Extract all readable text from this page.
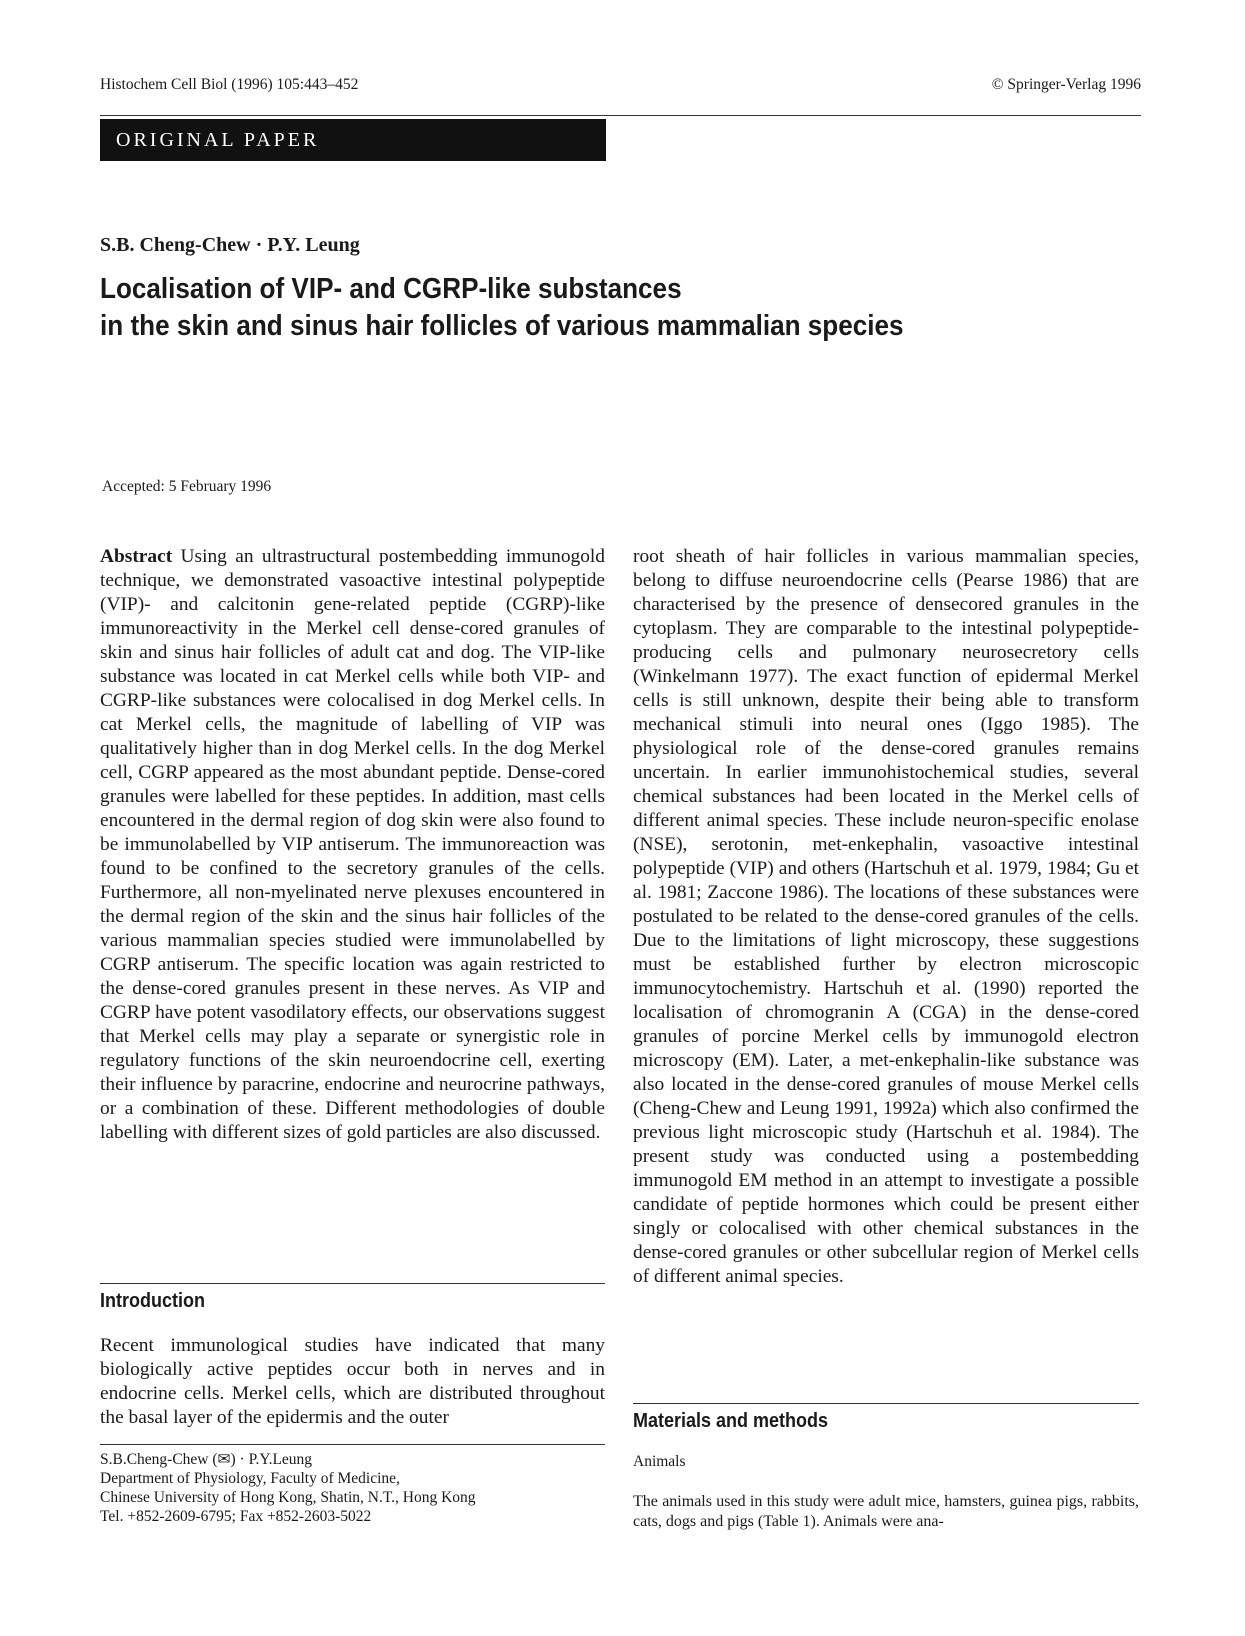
Histochem Cell Biol (1996) 105:443–452	© Springer-Verlag 1996
ORIGINAL PAPER
S.B. Cheng-Chew · P.Y. Leung
Localisation of VIP- and CGRP-like substances
in the skin and sinus hair follicles of various mammalian species
Accepted: 5 February 1996
Abstract Using an ultrastructural postembedding immunogold technique, we demonstrated vasoactive intestinal polypeptide (VIP)- and calcitonin gene-related peptide (CGRP)-like immunoreactivity in the Merkel cell dense-cored granules of skin and sinus hair follicles of adult cat and dog. The VIP-like substance was located in cat Merkel cells while both VIP- and CGRP-like substances were colocalised in dog Merkel cells. In cat Merkel cells, the magnitude of labelling of VIP was qualitatively higher than in dog Merkel cells. In the dog Merkel cell, CGRP appeared as the most abundant peptide. Dense-cored granules were labelled for these peptides. In addition, mast cells encountered in the dermal region of dog skin were also found to be immunolabelled by VIP antiserum. The immunoreaction was found to be confined to the secretory granules of the cells. Furthermore, all non-myelinated nerve plexuses encountered in the dermal region of the skin and the sinus hair follicles of the various mammalian species studied were immunolabelled by CGRP antiserum. The specific location was again restricted to the dense-cored granules present in these nerves. As VIP and CGRP have potent vasodilatory effects, our observations suggest that Merkel cells may play a separate or synergistic role in regulatory functions of the skin neuroendocrine cell, exerting their influence by paracrine, endocrine and neurocrine pathways, or a combination of these. Different methodologies of double labelling with different sizes of gold particles are also discussed.
Introduction
Recent immunological studies have indicated that many biologically active peptides occur both in nerves and in endocrine cells. Merkel cells, which are distributed throughout the basal layer of the epidermis and the outer
root sheath of hair follicles in various mammalian species, belong to diffuse neuroendocrine cells (Pearse 1986) that are characterised by the presence of densecored granules in the cytoplasm. They are comparable to the intestinal polypeptide-producing cells and pulmonary neurosecretory cells (Winkelmann 1977). The exact function of epidermal Merkel cells is still unknown, despite their being able to transform mechanical stimuli into neural ones (Iggo 1985). The physiological role of the dense-cored granules remains uncertain. In earlier immunohistochemical studies, several chemical substances had been located in the Merkel cells of different animal species. These include neuron-specific enolase (NSE), serotonin, met-enkephalin, vasoactive intestinal polypeptide (VIP) and others (Hartschuh et al. 1979, 1984; Gu et al. 1981; Zaccone 1986). The locations of these substances were postulated to be related to the dense-cored granules of the cells. Due to the limitations of light microscopy, these suggestions must be established further by electron microscopic immunocytochemistry. Hartschuh et al. (1990) reported the localisation of chromogranin A (CGA) in the dense-cored granules of porcine Merkel cells by immunogold electron microscopy (EM). Later, a met-enkephalin-like substance was also located in the dense-cored granules of mouse Merkel cells (Cheng-Chew and Leung 1991, 1992a) which also confirmed the previous light microscopic study (Hartschuh et al. 1984). The present study was conducted using a postembedding immunogold EM method in an attempt to investigate a possible candidate of peptide hormones which could be present either singly or colocalised with other chemical substances in the dense-cored granules or other subcellular region of Merkel cells of different animal species.
Materials and methods
Animals
The animals used in this study were adult mice, hamsters, guinea pigs, rabbits, cats, dogs and pigs (Table 1). Animals were ana-
S.B.Cheng-Chew (✉) · P.Y.Leung
Department of Physiology, Faculty of Medicine,
Chinese University of Hong Kong, Shatin, N.T., Hong Kong
Tel. +852-2609-6795; Fax +852-2603-5022
